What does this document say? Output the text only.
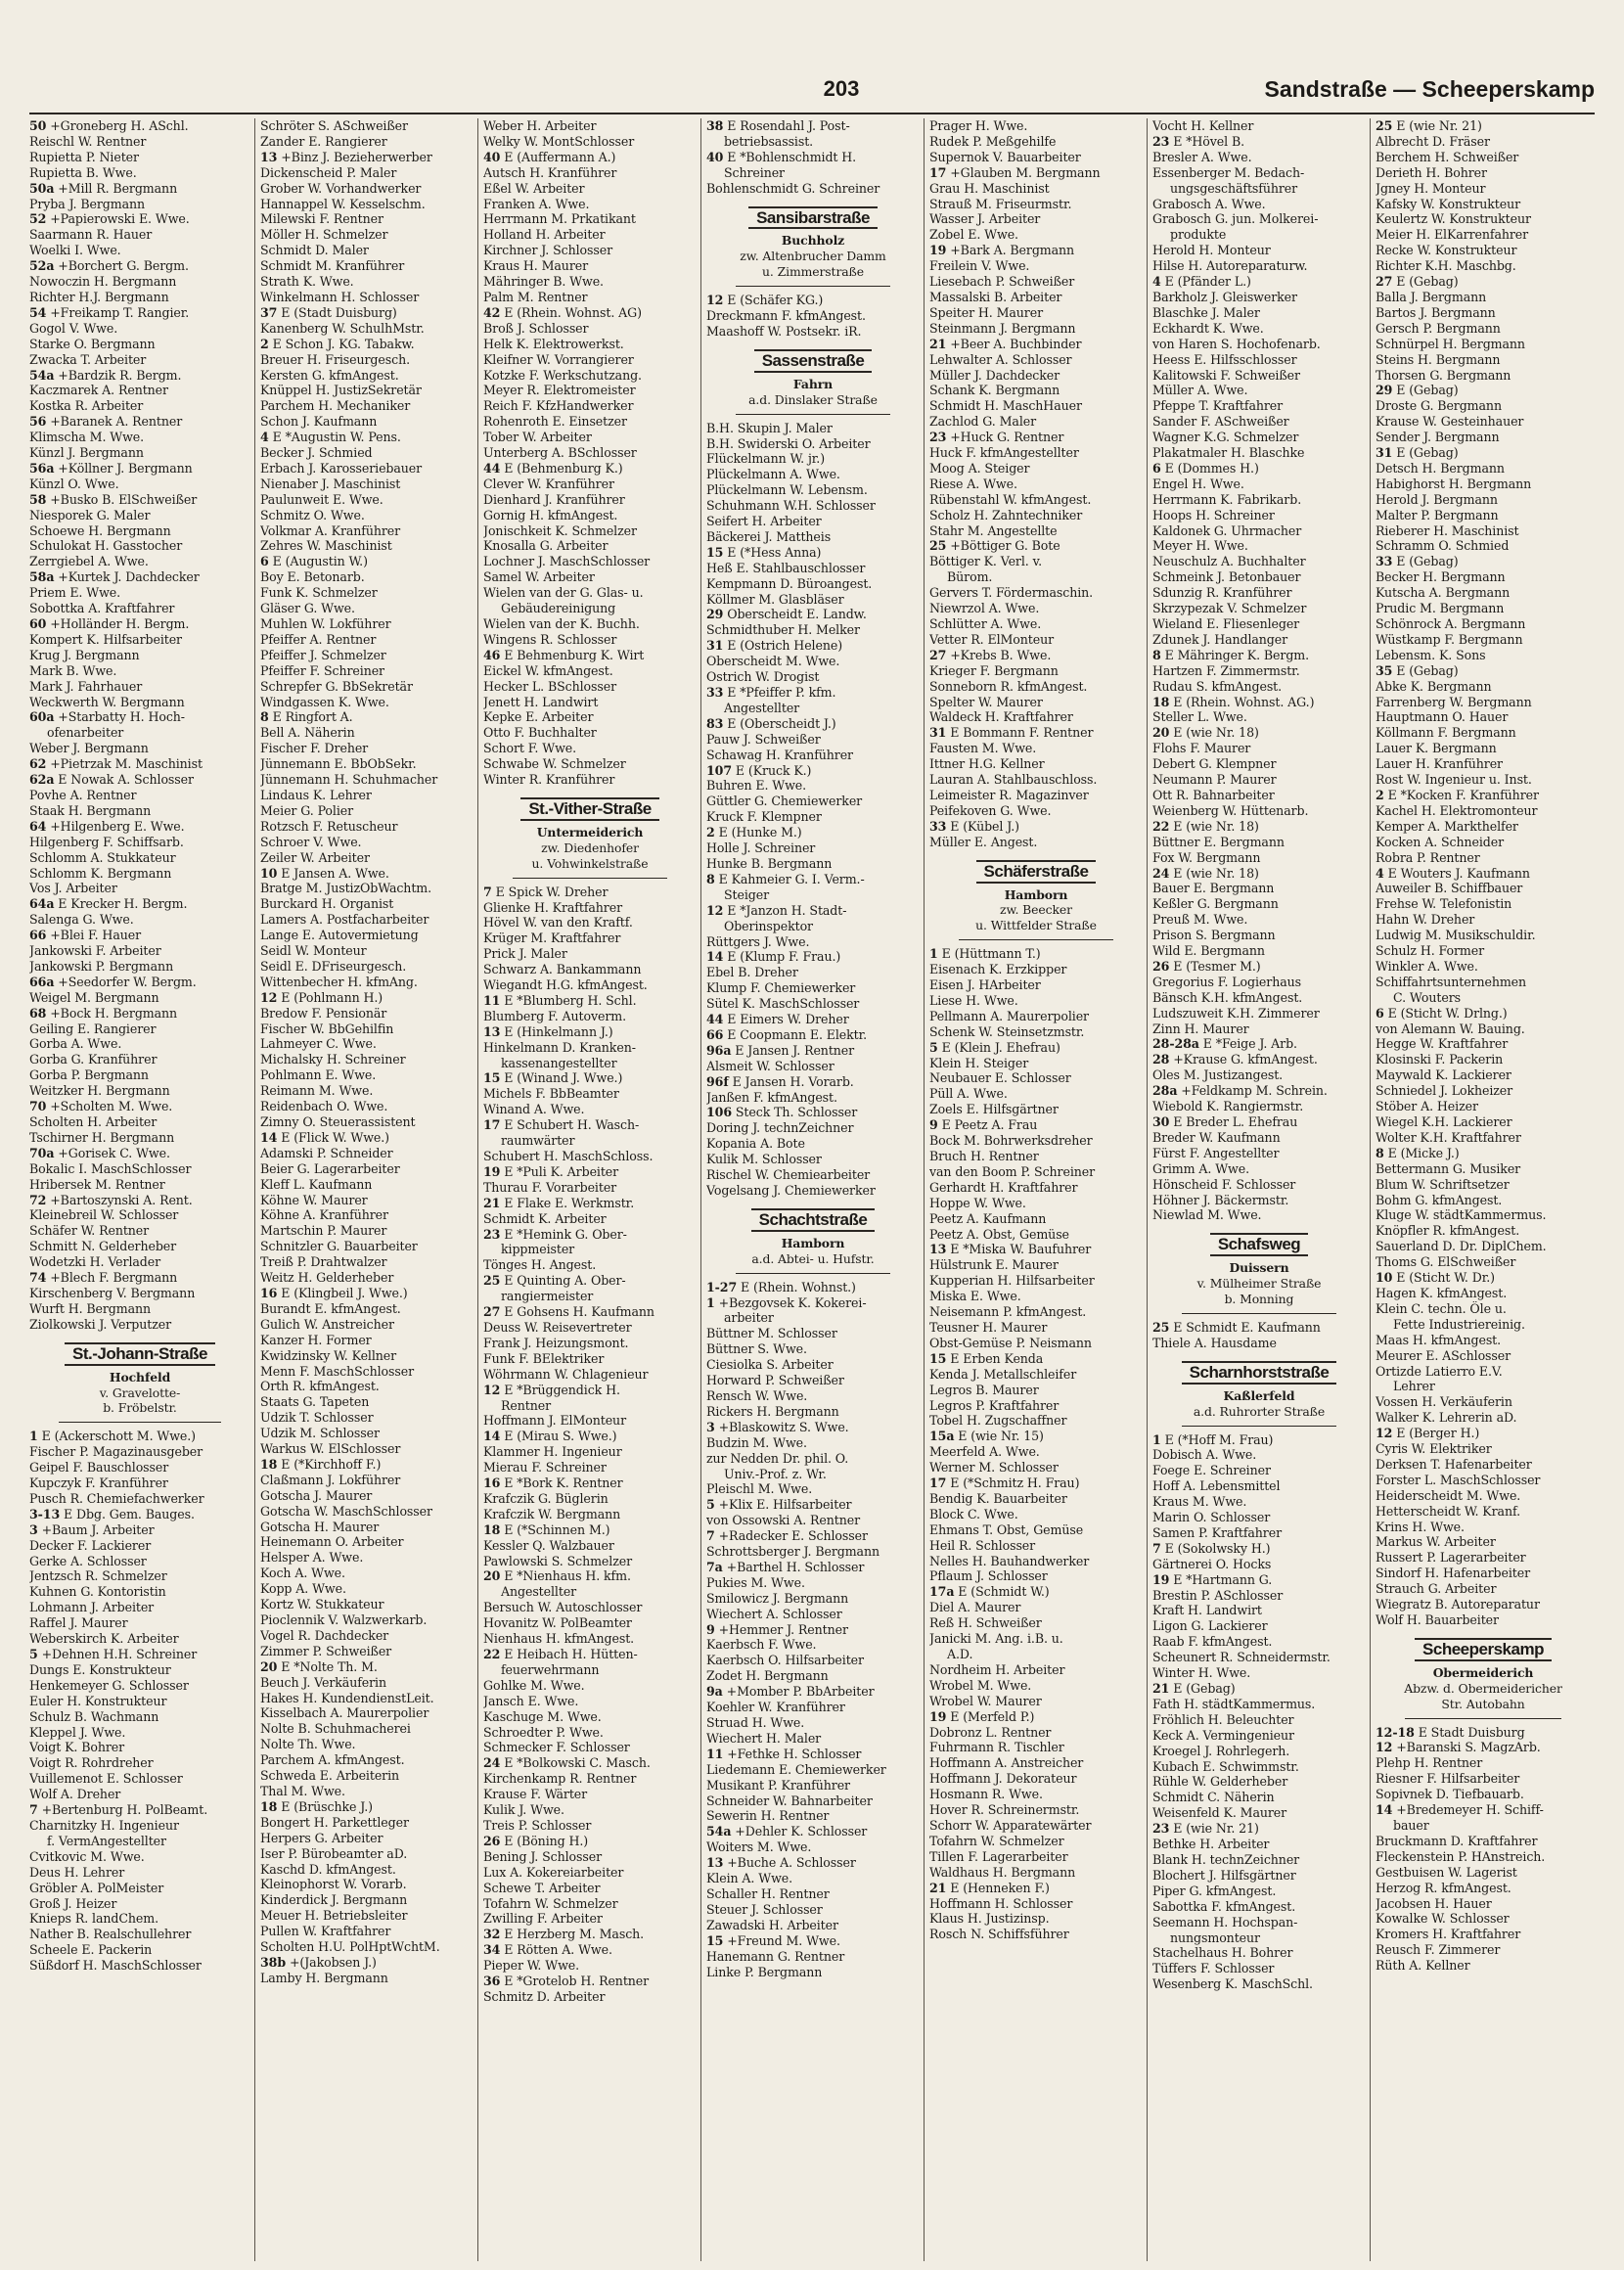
203	Sandstraße — Scheeperskamp
50 +Groneberg H. ASchl.
Reischl W. Rentner
Rupietta P. Nieter
Rupietta B. Wwe.
50a +Mill R. Bergmann
Pryba J. Bergmann
52 +Papierowski E. Wwe.
Saarmann R. Hauer
Woelki I. Wwe.
52a +Borchert G. Bergm.
Nowoczin H. Bergmann
Richter H.J. Bergmann
54 +Freikamp T. Rangier.
Gogol V. Wwe.
Starke O. Bergmann
Zwacka T. Arbeiter
54a +Bardzik R. Bergm.
Kaczmarek A. Rentner
Kostka R. Arbeiter
56 +Baranek A. Rentner
Klimscha M. Wwe.
Künzl J. Bergmann
56a +Köllner J. Bergmann
Künzl O. Wwe.
58 +Busko B. ElSchweißer
Niesporek G. Maler
Schoewe H. Bergmann
Schulokat H. Gasstocher
Zerrgiebel A. Wwe.
58a +Kurtek J. Dachdecker
Priem E. Wwe.
Sobottka A. Kraftfahrer
60 +Holländer H. Bergm.
Kompert K. Hilfsarbeiter
Krug J. Bergmann
Mark B. Wwe.
Mark J. Fahrhauer
Weckwerth W. Bergmann
60a +Starbatty H. Hoch-
ofenarbeiter
Weber J. Bergmann
62 +Pietrzak M. Maschinist
62a E Nowak A. Schlosser
Povhe A. Rentner
Staak H. Bergmann
64 +Hilgenberg E. Wwe.
Hilgenberg F. Schiffsarb.
Schlomm A. Stukkateur
Schlomm K. Bergmann
Vos J. Arbeiter
64a E Krecker H. Bergm.
Salenga G. Wwe.
66 +Blei F. Hauer
Jankowski F. Arbeiter
Jankowski P. Bergmann
66a +Seedorfer W. Bergm.
Weigel M. Bergmann
68 +Bock H. Bergmann
Geiling E. Rangierer
Gorba A. Wwe.
Gorba G. Kranführer
Gorba P. Bergmann
Weitzker H. Bergmann
70 +Scholten M. Wwe.
Scholten H. Arbeiter
Tschirner H. Bergmann
70a +Gorisek C. Wwe.
Bokalic I. MaschSchlosser
Hribersek M. Rentner
72 +Bartoszynski A. Rent.
Kleinebreil W. Schlosser
Schäfer W. Rentner
Schmitt N. Gelderheber
Wodetzki H. Verlader
74 +Blech F. Bergmann
Kirschenberg V. Bergmann
Wurft H. Bergmann
Ziolkowski J. Verputzer
St.-Johann-Straße
Hochfeld
v. Gravelotte-
b. Fröbelstr.
1 E (Ackerschott M. Wwe.)
Fischer P. Magazinausgeber
Geipel F. Bauschlosser
Kupczyk F. Kranführer
Pusch R. Chemiefachwerker
3-13 E Dbg. Gem. Bauges.
3 +Baum J. Arbeiter
Decker F. Lackierer
Gerke A. Schlosser
Jentzsch R. Schmelzer
Kuhnen G. Kontoristin
Lohmann J. Arbeiter
Raffel J. Maurer
Weberskirch K. Arbeiter
5 +Dehnen H.H. Schreiner
Dungs E. Konstrukteur
Henkemeyer G. Schlosser
Euler H. Konstrukteur
Schulz B. Wachmann
Kleppel J. Wwe.
Voigt K. Bohrer
Voigt R. Rohrdreher
Vuillemenot E. Schlosser
Wolf A. Dreher
7 +Bertenburg H. PolBeamt.
Charnitzky H. Ingenieur
f. VermAngestellter
Cvitkovic M. Wwe.
Deus H. Lehrer
Gröbler A. PolMeister
Groß J. Heizer
Knieps R. landChem.
Nather B. Realschullehrer
Scheele E. Packerin
Süßdorf H. MaschSchlosser
Schröter S. ASchweißer
Zander E. Rangierer
13 +Binz J. Bezieherwerber
Dickenscheid P. Maler
Grober W. Vorhandwerker
Hannappel W. Kesselschm.
Milewski F. Rentner
Möller H. Schmelzer
Schmidt D. Maler
Schmidt M. Kranführer
Strath K. Wwe.
Winkelmann H. Schlosser
37 E (Stadt Duisburg)
Kanenberg W. SchulhMstr.
2 E Schon J. KG. Tabakw.
Breuer H. Friseurgesch.
Kersten G. kfmAngest.
Knüppel H. JustizSekretär
Parchem H. Mechaniker
Schon J. Kaufmann
4 E *Augustin W. Pens.
Becker J. Schmied
Erbach J. Karosseriebauer
Nienaber J. Maschinist
Paulunweit E. Wwe.
Schmitz O. Wwe.
Volkmar A. Kranführer
Zehres W. Maschinist
6 E (Augustin W.)
Boy E. Betonarb.
Funk K. Schmelzer
Gläser G. Wwe.
Muhlen W. Lokführer
Pfeiffer A. Rentner
Pfeiffer J. Schmelzer
Pfeiffer F. Schreiner
Schrepfer G. BbSekretär
Windgassen K. Wwe.
8 E Ringfort A.
Bell A. Näherin
Fischer F. Dreher
Jünnemann E. BbObSekr.
Jünnemann H. Schuhmacher
Lindaus K. Lehrer
Meier G. Polier
Rotzsch F. Retuscheur
Schroer V. Wwe.
Zeiler W. Arbeiter
10 E Jansen A. Wwe.
Bratge M. JustizObWachtm.
Burckard H. Organist
Lamers A. Postfacharbeiter
Lange E. Autovermietung
Seidl W. Monteur
Seidl E. DFriseurgesch.
Wittenbecher H. kfmAng.
12 E (Pohlmann H.)
Bredow F. Pensionär
Fischer W. BbGehilfin
Lahmeyer C. Wwe.
Michalsky H. Schreiner
Pohlmann E. Wwe.
Reimann M. Wwe.
Reidenbach O. Wwe.
Zimny O. Steuerassistent
14 E (Flick W. Wwe.)
Adamski P. Schneider
Beier G. Lagerarbeiter
Kleff L. Kaufmann
Köhne W. Maurer
Köhne A. Kranführer
Martschin P. Maurer
Schnitzler G. Bauarbeiter
Treiß P. Drahtwalzer
Weitz H. Gelderheber
16 E (Klingbeil J. Wwe.)
Burandt E. kfmAngest.
Gulich W. Anstreicher
Kanzer H. Former
Kwidzinsky W. Kellner
Menn F. MaschSchlosser
Orth R. kfmAngest.
Staats G. Tapeten
Udzik T. Schlosser
Udzik M. Schlosser
Warkus W. ElSchlosser
18 E (*Kirchhoff F.)
Claßmann J. Lokführer
Gotscha J. Maurer
Gotscha W. MaschSchlosser
Gotscha H. Maurer
Heinemann O. Arbeiter
Helsper A. Wwe.
Koch A. Wwe.
Kopp A. Wwe.
Kortz W. Stukkateur
Pioclennik V. Walzwerkarb.
Vogel R. Dachdecker
Zimmer P. Schweißer
20 E *Nolte Th. M.
Beuch J. Verkäuferin
Hakes H. KundendienstLeit.
Kisselbach A. Maurerpolier
Nolte B. Schuhmacherei
Nolte Th. Wwe.
Parchem A. kfmAngest.
Schweda E. Arbeiterin
Thal M. Wwe.
18 E (Brüschke J.)
Bongert H. Parkettleger
Herpers G. Arbeiter
Iser P. Bürobeamter aD.
Kaschd D. kfmAngest.
Kleinophorst W. Vorarb.
Kinderdick J. Bergmann
Meuer H. Betriebsleiter
Pullen W. Kraftfahrer
Scholten H.U. PolHptWchtM.
38b +(Jakobsen J.)
Lamby H. Bergmann
Weber H. Arbeiter
Welky W. MontSchlosser
40 E (Auffermann A.)
Autsch H. Kranführer
Eßel W. Arbeiter
Franken A. Wwe.
Herrmann M. Prkatikant
Holland H. Arbeiter
Kirchner J. Schlosser
Kraus H. Maurer
Mähringer B. Wwe.
Palm M. Rentner
42 E (Rhein. Wohnst. AG)
Broß J. Schlosser
Helk K. Elektrowerkst.
Kleifner W. Vorrangierer
Kotzke F. Werkschutzang.
Meyer R. Elektromeister
Reich F. KfzHandwerker
Rohenroth E. Einsetzer
Tober W. Arbeiter
Unterberg A. BSchlosser
44 E (Behmenburg K.)
Clever W. Kranführer
Dienhard J. Kranführer
Gornig H. kfmAngest.
Jonischkeit K. Schmelzer
Knosalla G. Arbeiter
Lochner J. MaschSchlosser
Samel W. Arbeiter
Wielen van der G. Glas- u.
Gebäudereinigung
Wielen van der K. Buchh.
Wingens R. Schlosser
46 E Behmenburg K. Wirt
Eickel W. kfmAngest.
Hecker L. BSchlosser
Jenett H. Landwirt
Kepke E. Arbeiter
Otto F. Buchhalter
Schort F. Wwe.
Schwabe W. Schmelzer
Winter R. Kranführer
St.-Vither-Straße
Untermeiderich
zw. Diedenhofer
u. Vohwinkelstraße
7 E Spick W. Dreher
Glienke H. Kraftfahrer
Hövel W. van den Kraftf.
Krüger M. Kraftfahrer
Prick J. Maler
Schwarz A. Bankammann
Wiegandt H.G. kfmAngest.
11 E *Blumberg H. Schl.
Blumberg F. Autoverm.
13 E (Hinkelmann J.)
Hinkelmann D. Kranken-
kassenangestellter
15 E (Winand J. Wwe.)
Michels F. BbBeamter
Winand A. Wwe.
17 E Schubert H. Wasch-
raumwärter
Schubert H. MaschSchloss.
19 E *Puli K. Arbeiter
Thurau F. Vorarbeiter
21 E Flake E. Werkmstr.
Schmidt K. Arbeiter
23 E *Hemink G. Ober-
kippmeister
Tönges H. Angest.
25 E Quinting A. Ober-
rangiermeister
27 E Gohsens H. Kaufmann
Deuss W. Reisevertreter
Frank J. Heizungsmont.
Funk F. BElektriker
Wöhrmann W. Chlagenieur
12 E *Brüggendick H.
Rentner
Hoffmann J. ElMonteur
14 E (Mirau S. Wwe.)
Klammer H. Ingenieur
Mierau F. Schreiner
16 E *Bork K. Rentner
Krafczik G. Büglerin
Krafczik W. Bergmann
18 E (*Schinnen M.)
Kessler Q. Walzbauer
Pawlowski S. Schmelzer
20 E *Nienhaus H. kfm.
Angestellter
Bersuch W. Autoschlosser
Hovanitz W. PolBeamter
Nienhaus H. kfmAngest.
22 E Heibach H. Hütten-
feuerwehrmann
Gohlke M. Wwe.
Jansch E. Wwe.
Kaschuge M. Wwe.
Schroedter P. Wwe.
Schmecker F. Schlosser
24 E *Bolkowski C. Masch.
Kirchenkamp R. Rentner
Krause F. Wärter
Kulik J. Wwe.
Treis P. Schlosser
26 E (Böning H.)
Bening J. Schlosser
Lux A. Kokereiarbeiter
Schewe T. Arbeiter
Tofahrn W. Schmelzer
Zwilling F. Arbeiter
32 E Herzberg M. Masch.
34 E Rötten A. Wwe.
Pieper W. Wwe.
36 E *Grotelob H. Rentner
Schmitz D. Arbeiter
38 E Rosendahl J. Post-
betriebsassist.
40 E *Bohlenschmidt H.
Schreiner
Bohlenschmidt G. Schreiner
Sansibarstraße
Buchholz
zw. Altenbrucher Damm
u. Zimmerstraße
12 E (Schäfer KG.)
Dreckmann F. kfmAngest.
Maashoff W. Postsekr. iR.
Sassenstraße
Fahrn
a.d. Dinslaker Straße
B.H. Skupin J. Maler
B.H. Swiderski O. Arbeiter
Flückelmann W. jr.)
Plückelmann A. Wwe.
Plückelmann W. Lebensm.
Schuhmann W.H. Schlosser
Seifert H. Arbeiter
Bäckerei J. Mattheis
15 E (*Hess Anna)
Heß E. Stahlbauschlosser
Kempmann D. Büroangest.
Köllmer M. Glasbläser
29 Oberscheidt E. Landw.
Schmidthuber H. Melker
31 E (Ostrich Helene)
Oberscheidt M. Wwe.
Ostrich W. Drogist
33 E *Pfeiffer P. kfm.
Angestellter
83 E (Oberscheidt J.)
Pauw J. Schweißer
Schawag H. Kranführer
107 E (Kruck K.)
Buhren E. Wwe.
Güttler G. Chemiewerker
Kruck F. Klempner
2 E (Hunke M.)
Holle J. Schreiner
Hunke B. Bergmann
8 E Kahmeier G. I. Verm.-
Steiger
12 E *Janzon H. Stadt-
Oberinspektor
Rüttgers J. Wwe.
14 E (Klump F. Frau.)
Ebel B. Dreher
Klump F. Chemiewerker
Sütel K. MaschSchlosser
44 E Eimers W. Dreher
66 E Coopmann E. Elektr.
96a E Jansen J. Rentner
Alsmeit W. Schlosser
96f E Jansen H. Vorarb.
Janßen F. kfmAngest.
106 Steck Th. Schlosser
Doring J. technZeichner
Kopania A. Bote
Kulik M. Schlosser
Rischel W. Chemiearbeiter
Vogelsang J. Chemiewerker
Schachtstraße
Hamborn
a.d. Abtei- u. Hufstr.
1-27 E (Rhein. Wohnst.)
1 +Bezgovsek K. Kokerei-
arbeiter
Büttner M. Schlosser
Büttner S. Wwe.
Ciesiolka S. Arbeiter
Horward P. Schweißer
Rensch W. Wwe.
Rickers H. Bergmann
3 +Blaskowitz S. Wwe.
Budzin M. Wwe.
zur Nedden Dr. phil. O.
Univ.-Prof. z. Wr.
Pleischl M. Wwe.
5 +Klix E. Hilfsarbeiter
von Ossowski A. Rentner
7 +Radecker E. Schlosser
Schrottsberger J. Bergmann
7a +Barthel H. Schlosser
Pukies M. Wwe.
Smilowicz J. Bergmann
Wiechert A. Schlosser
9 +Hemmer J. Rentner
Kaerbsch F. Wwe.
Kaerbsch O. Hilfsarbeiter
Zodet H. Bergmann
9a +Momber P. BbArbeiter
Koehler W. Kranführer
Struad H. Wwe.
Wiechert H. Maler
11 +Fethke H. Schlosser
Liedemann E. Chemiewerker
Musikant P. Kranführer
Schneider W. Bahnarbeiter
Sewerin H. Rentner
54a +Dehler K. Schlosser
Woiters M. Wwe.
13 +Buche A. Schlosser
Klein A. Wwe.
Schaller H. Rentner
Steuer J. Schlosser
Zawadski H. Arbeiter
15 +Freund M. Wwe.
Hanemann G. Rentner
Linke P. Bergmann
Prager H. Wwe.
Rudek P. Meßgehilfe
Supernok V. Bauarbeiter
17 +Glauben M. Bergmann
Grau H. Maschinist
Strauß M. Friseurmstr.
Wasser J. Arbeiter
Zobel E. Wwe.
19 +Bark A. Bergmann
Freilein V. Wwe.
Liesebach P. Schweißer
Massalski B. Arbeiter
Speiter H. Maurer
Steinmann J. Bergmann
21 +Beer A. Buchbinder
Lehwalter A. Schlosser
Müller J. Dachdecker
Schank K. Bergmann
Schmidt H. MaschHauer
Zachlod G. Maler
23 +Huck G. Rentner
Huck F. kfmAngestellter
Moog A. Steiger
Riese A. Wwe.
Rübenstahl W. kfmAngest.
Scholz H. Zahntechniker
Stahr M. Angestellte
25 +Böttiger G. Bote
Böttiger K. Verl. v.
Bürom.
Gervers T. Fördermaschin.
Niewrzol A. Wwe.
Schlütter A. Wwe.
Vetter R. ElMonteur
27 +Krebs B. Wwe.
Krieger F. Bergmann
Sonneborn R. kfmAngest.
Spelter W. Maurer
Waldeck H. Kraftfahrer
31 E Bommann F. Rentner
Fausten M. Wwe.
Ittner H.G. Kellner
Lauran A. Stahlbauschloss.
Leimeister R. Magazinver
Peifekoven G. Wwe.
33 E (Kübel J.)
Müller E. Angest.
Schäferstraße
Hamborn
zw. Beecker
u. Wittfelder Straße
1 E (Hüttmann T.)
Eisenach K. Erzkipper
Eisen J. HArbeiter
Liese H. Wwe.
Pellmann A. Maurerpolier
Schenk W. Steinsetzmstr.
5 E (Klein J. Ehefrau)
Klein H. Steiger
Neubauer E. Schlosser
Püll A. Wwe.
Zoels E. Hilfsgärtner
9 E Peetz A. Frau
Bock M. Bohrwerksdreher
Bruch H. Rentner
van den Boom P. Schreiner
Gerhardt H. Kraftfahrer
Hoppe W. Wwe.
Peetz A. Kaufmann
Peetz A. Obst, Gemüse
13 E *Miska W. Baufuhrer
Hülstrunk E. Maurer
Kupperian H. Hilfsarbeiter
Miska E. Wwe.
Neisemann P. kfmAngest.
Teusner H. Maurer
Obst-Gemüse P. Neismann
15 E Erben Kenda
Kenda J. Metallschleifer
Legros B. Maurer
Legros P. Kraftfahrer
Tobel H. Zugschaffner
15a E (wie Nr. 15)
Meerfeld A. Wwe.
Werner M. Schlosser
17 E (*Schmitz H. Frau)
Bendig K. Bauarbeiter
Block C. Wwe.
Ehmans T. Obst, Gemüse
Heil R. Schlosser
Nelles H. Bauhandwerker
Pflaum J. Schlosser
17a E (Schmidt W.)
Diel A. Maurer
Reß H. Schweißer
Janicki M. Ang. i.B. u.
A.D.
Nordheim H. Arbeiter
Wrobel M. Wwe.
Wrobel W. Maurer
19 E (Merfeld P.)
Dobronz L. Rentner
Fuhrmann R. Tischler
Hoffmann A. Anstreicher
Hoffmann J. Dekorateur
Hosmann R. Wwe.
Hover R. Schreinermstr.
Schorr W. Apparatewärter
Tofahrn W. Schmelzer
Tillen F. Lagerarbeiter
Waldhaus H. Bergmann
21 E (Henneken F.)
Hoffmann H. Schlosser
Klaus H. Justizinsp.
Rosch N. Schiffsführer
Vocht H. Kellner
23 E *Hövel B.
Bresler A. Wwe.
Essenberger M. Bedach-
ungsgeschäftsführer
Grabosch A. Wwe.
Grabosch G. jun. Molkerei-
produkte
Herold H. Monteur
Hilse H. Autoreparaturw.
4 E (Pfänder L.)
Barkholz J. Gleiswerker
Blaschke J. Maler
Eckhardt K. Wwe.
von Haren S. Hochofenarb.
Heess E. Hilfsschlosser
Kalitowski F. Schweißer
Müller A. Wwe.
Pfeppe T. Kraftfahrer
Sander F. ASchweißer
Wagner K.G. Schmelzer
Plakatmaler H. Blaschke
6 E (Dommes H.)
Engel H. Wwe.
Herrmann K. Fabrikarb.
Hoops H. Schreiner
Kaldonek G. Uhrmacher
Meyer H. Wwe.
Neuschulz A. Buchhalter
Schmeink J. Betonbauer
Sdunzig R. Kranführer
Skrzypezak V. Schmelzer
Wieland E. Fliesenleger
Zdunek J. Handlanger
8 E Mähringer K. Bergm.
Hartzen F. Zimmermstr.
Rudau S. kfmAngest.
18 E (Rhein. Wohnst. AG.)
Steller L. Wwe.
20 E (wie Nr. 18)
Flohs F. Maurer
Debert G. Klempner
Neumann P. Maurer
Ott R. Bahnarbeiter
Weienberg W. Hüttenarb.
22 E (wie Nr. 18)
Büttner E. Bergmann
Fox W. Bergmann
24 E (wie Nr. 18)
Bauer E. Bergmann
Keßler G. Bergmann
Preuß M. Wwe.
Prison S. Bergmann
Wild E. Bergmann
26 E (Tesmer M.)
Gregorius F. Logierhaus
Bänsch K.H. kfmAngest.
Ludszuweit K.H. Zimmerer
Zinn H. Maurer
28-28a E *Feige J. Arb.
28 +Krause G. kfmAngest.
Oles M. Justizangest.
28a +Feldkamp M. Schrein.
Wiebold K. Rangiermstr.
30 E Breder L. Ehefrau
Breder W. Kaufmann
Fürst F. Angestellter
Grimm A. Wwe.
Hönscheid F. Schlosser
Höhner J. Bäckermstr.
Niewlad M. Wwe.
Schafsweg
Duissern
v. Mülheimer Straße
b. Monning
25 E Schmidt E. Kaufmann
Thiele A. Hausdame
Scharnhorststraße
Kaßlerfeld
a.d. Ruhrorter Straße
1 E (*Hoff M. Frau)
Dobisch A. Wwe.
Foege E. Schreiner
Hoff A. Lebensmittel
Kraus M. Wwe.
Marin O. Schlosser
Samen P. Kraftfahrer
7 E (Sokolwsky H.)
Gärtnerei O. Hocks
19 E *Hartmann G.
Brestin P. ASchlosser
Kraft H. Landwirt
Ligon G. Lackierer
Raab F. kfmAngest.
Scheunert R. Schneidermstr.
Winter H. Wwe.
21 E (Gebag)
Fath H. städtKammermus.
Fröhlich H. Beleuchter
Keck A. Vermingenieur
Kroegel J. Rohrlegerh.
Kubach E. Schwimmstr.
Rühle W. Gelderheber
Schmidt C. Näherin
Weisenfeld K. Maurer
23 E (wie Nr. 21)
Bethke H. Arbeiter
Blank H. technZeichner
Blochert J. Hilfsgärtner
Piper G. kfmAngest.
Sabottka F. kfmAngest.
Seemann H. Hochspan-
nungsmonteur
Stachelhaus H. Bohrer
Tüffers F. Schlosser
Wesenberg K. MaschSchl.
25 E (wie Nr. 21)
Albrecht D. Fräser
Berchem H. Schweißer
Derieth H. Bohrer
Jgney H. Monteur
Kafsky W. Konstrukteur
Keulertz W. Konstrukteur
Meier H. ElKarrenfahrer
Recke W. Konstrukteur
Richter K.H. Maschbg.
27 E (Gebag)
Balla J. Bergmann
Bartos J. Bergmann
Gersch P. Bergmann
Schnürpel H. Bergmann
Steins H. Bergmann
Thorsen G. Bergmann
29 E (Gebag)
Droste G. Bergmann
Krause W. Gesteinhauer
Sender J. Bergmann
31 E (Gebag)
Detsch H. Bergmann
Habighorst H. Bergmann
Herold J. Bergmann
Malter P. Bergmann
Rieberer H. Maschinist
Schramm O. Schmied
33 E (Gebag)
Becker H. Bergmann
Kutscha A. Bergmann
Prudic M. Bergmann
Schönrock A. Bergmann
Wüstkamp F. Bergmann
Lebensm. K. Sons
35 E (Gebag)
Abke K. Bergmann
Farrenberg W. Bergmann
Hauptmann O. Hauer
Köllmann F. Bergmann
Lauer K. Bergmann
Lauer H. Kranführer
Rost W. Ingenieur u. Inst.
2 E *Kocken F. Kranführer
Kachel H. Elektromonteur
Kemper A. Markthelfer
Kocken A. Schneider
Robra P. Rentner
4 E Wouters J. Kaufmann
Auweiler B. Schiffbauer
Frehse W. Telefonistin
Hahn W. Dreher
Ludwig M. Musikschuldir.
Schulz H. Former
Winkler A. Wwe.
Schiffahrtsunternehmen
C. Wouters
6 E (Sticht W. Drlng.)
von Alemann W. Bauing.
Hegge W. Kraftfahrer
Klosinski F. Packerin
Maywald K. Lackierer
Schniedel J. Lokheizer
Stöber A. Heizer
Wiegel K.H. Lackierer
Wolter K.H. Kraftfahrer
8 E (Micke J.)
Bettermann G. Musiker
Blum W. Schriftsetzer
Bohm G. kfmAngest.
Kluge W. städtKammermus.
Knöpfler R. kfmAngest.
Sauerland D. Dr. DiplChem.
Thoms G. ElSchweißer
10 E (Sticht W. Dr.)
Hagen K. kfmAngest.
Klein C. techn. Öle u.
Fette Industriereinig.
Maas H. kfmAngest.
Meurer E. ASchlosser
Ortizde Latierro E.V.
Lehrer
Vossen H. Verkäuferin
Walker K. Lehrerin aD.
12 E (Berger H.)
Cyris W. Elektriker
Derksen T. Hafenarbeiter
Forster L. MaschSchlosser
Heiderscheidt M. Wwe.
Hetterscheidt W. Kranf.
Krins H. Wwe.
Markus W. Arbeiter
Russert P. Lagerarbeiter
Sindorf H. Hafenarbeiter
Strauch G. Arbeiter
Wiegratz B. Autoreparatur
Wolf H. Bauarbeiter
Scheeperskamp
Obermeiderich
Abzw. d. Obermeidericher
Str. Autobahn
12-18 E Stadt Duisburg
12 +Baranski S. MagzArb.
Plehp H. Rentner
Riesner F. Hilfsarbeiter
Sopivnek D. Tiefbauarb.
14 +Bredemeyer H. Schiff-
bauer
Bruckmann D. Kraftfahrer
Fleckenstein P. HAnstreich.
Gestbuisen W. Lagerist
Herzog R. kfmAngest.
Jacobsen H. Hauer
Kowalke W. Schlosser
Kromers H. Kraftfahrer
Reusch F. Zimmerer
Rüth A. Kellner
